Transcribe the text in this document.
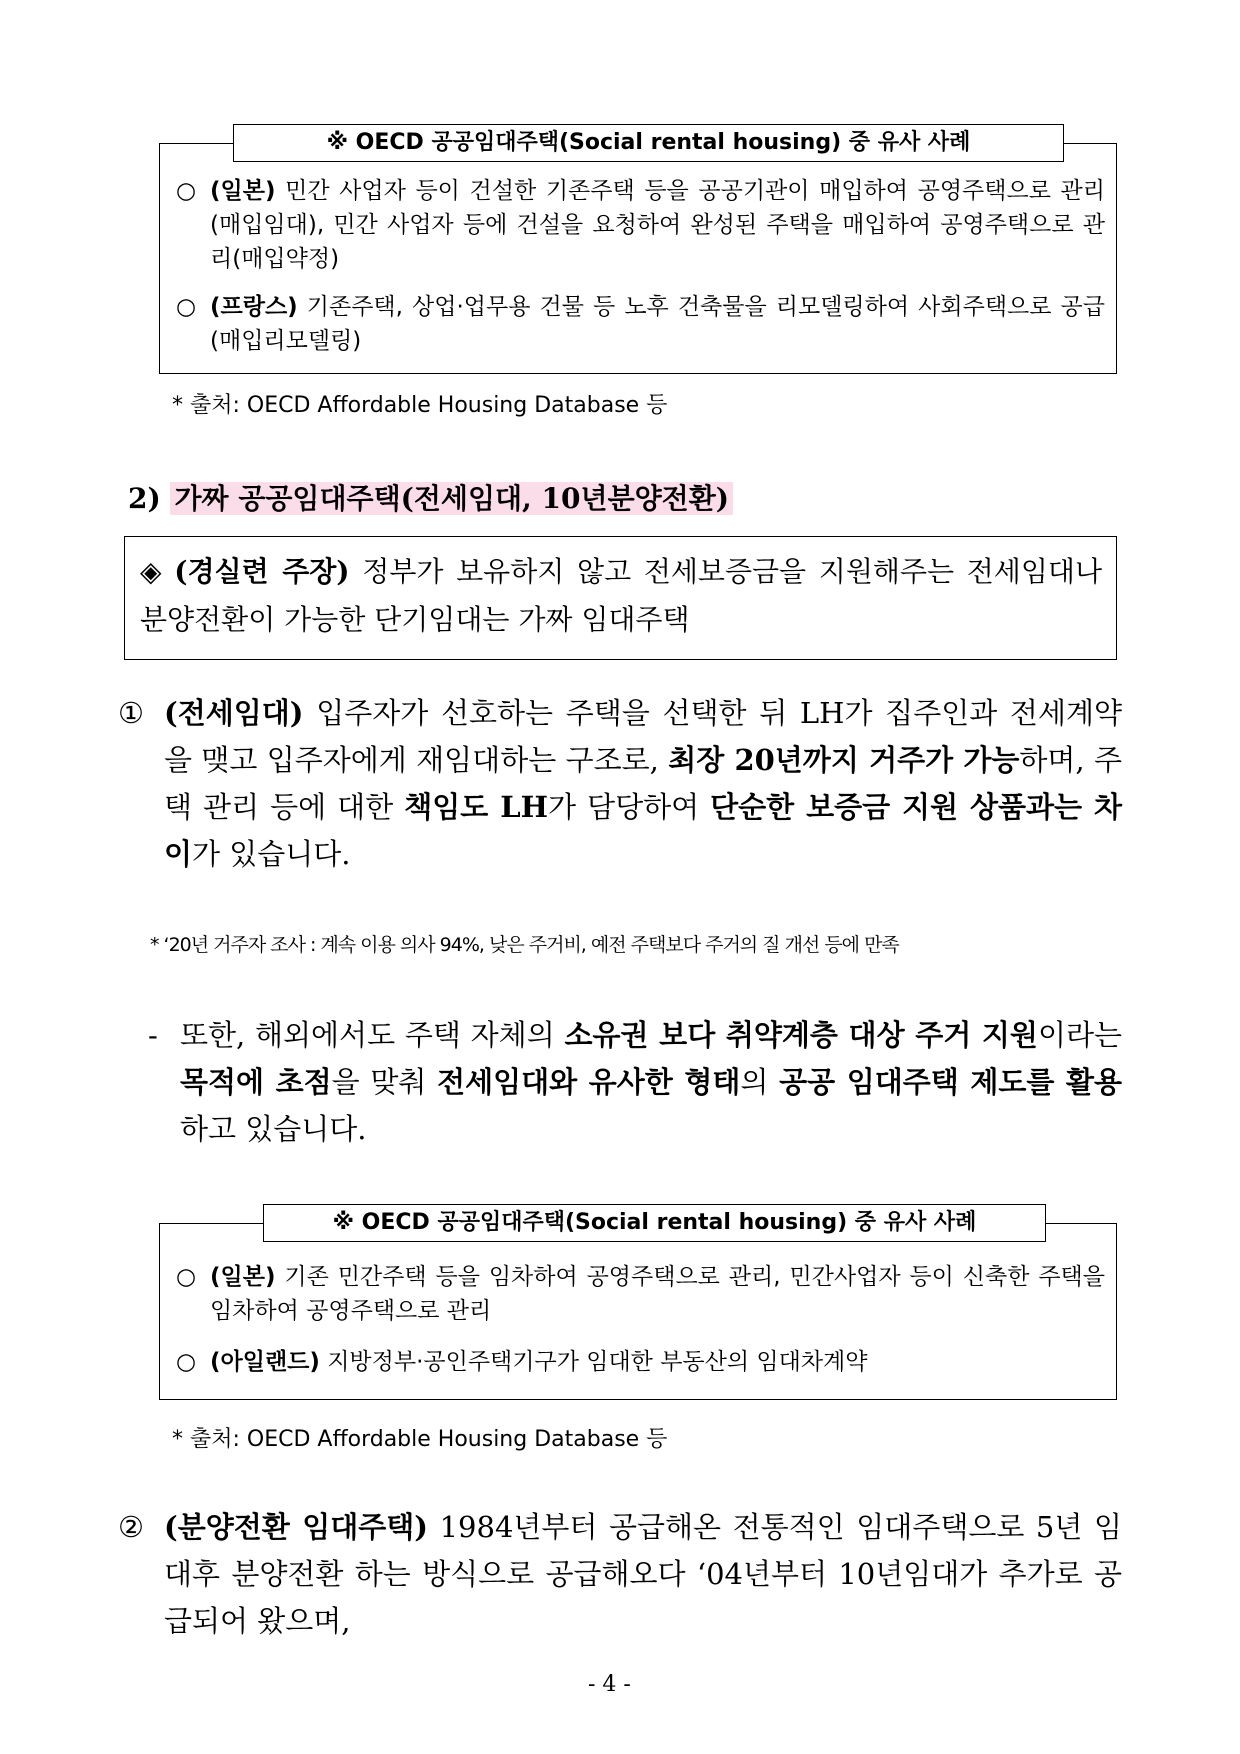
※ OECD 공공임대주택(Social rental housing) 중 유사 사례
○ (일본) 민간 사업자 등이 건설한 기존주택 등을 공공기관이 매입하여 공영주택으로 관리(매입임대), 민간 사업자 등에 건설을 요청하여 완성된 주택을 매입하여 공영주택으로 관리(매입약정)
○ (프랑스) 기존주택, 상업·업무용 건물 등 노후 건축물을 리모델링하여 사회주택으로 공급(매입리모델링)
* 출처: OECD Affordable Housing Database 등
2) 가짜 공공임대주택(전세임대, 10년분양전환)
◈ (경실련 주장) 정부가 보유하지 않고 전세보증금을 지원해주는 전세임대나 분양전환이 가능한 단기임대는 가짜 임대주택
① (전세임대) 입주자가 선호하는 주택을 선택한 뒤 LH가 집주인과 전세계약을 맺고 입주자에게 재임대하는 구조로, 최장 20년까지 거주가 가능하며, 주택 관리 등에 대한 책임도 LH가 담당하여 단순한 보증금 지원 상품과는 차이가 있습니다.
* ‘20년 거주자 조사 : 계속 이용 의사 94%, 낮은 주거비, 예전 주택보다 주거의 질 개선 등에 만족
- 또한, 해외에서도 주택 자체의 소유권 보다 취약계층 대상 주거 지원이라는 목적에 초점을 맞춰 전세임대와 유사한 형태의 공공 임대주택 제도를 활용하고 있습니다.
※ OECD 공공임대주택(Social rental housing) 중 유사 사례
○ (일본) 기존 민간주택 등을 임차하여 공영주택으로 관리, 민간사업자 등이 신축한 주택을 임차하여 공영주택으로 관리
○ (아일랜드) 지방정부·공인주택기구가 임대한 부동산의 임대차계약
* 출처: OECD Affordable Housing Database 등
② (분양전환 임대주택) 1984년부터 공급해온 전통적인 임대주택으로 5년 임대후 분양전환 하는 방식으로 공급해오다 ‘04년부터 10년임대가 추가로 공급되어 왔으며,
- 4 -
